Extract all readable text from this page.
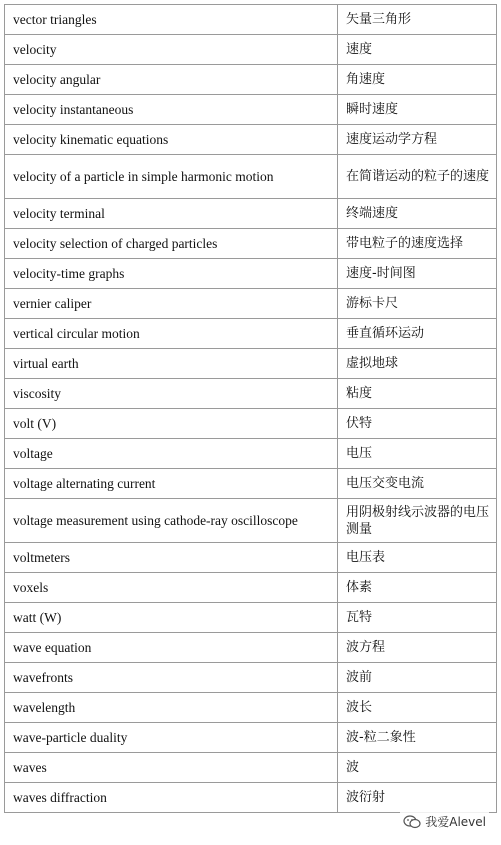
vector triangles	矢量三角形
velocity	速度
velocity angular	角速度
velocity instantaneous	瞬时速度
velocity kinematic equations	速度运动学方程
velocity of a particle in simple harmonic motion	在简谐运动的粒子的速度
velocity terminal	终端速度
velocity selection of charged particles	带电粒子的速度选择
velocity-time graphs	速度-时间图
vernier caliper	游标卡尺
vertical circular motion	垂直循环运动
virtual earth	虚拟地球
viscosity	粘度
volt (V)	伏特
voltage	电压
voltage alternating current	电压交变电流
voltage measurement using cathode-ray oscilloscope	用阴极射线示波器的电压测量
voltmeters	电压表
voxels	体素
watt (W)	瓦特
wave equation	波方程
wavefronts	波前
wavelength	波长
wave-particle duality	波-粒二象性
waves	波
waves diffraction	波衍射
我爱Alevel
